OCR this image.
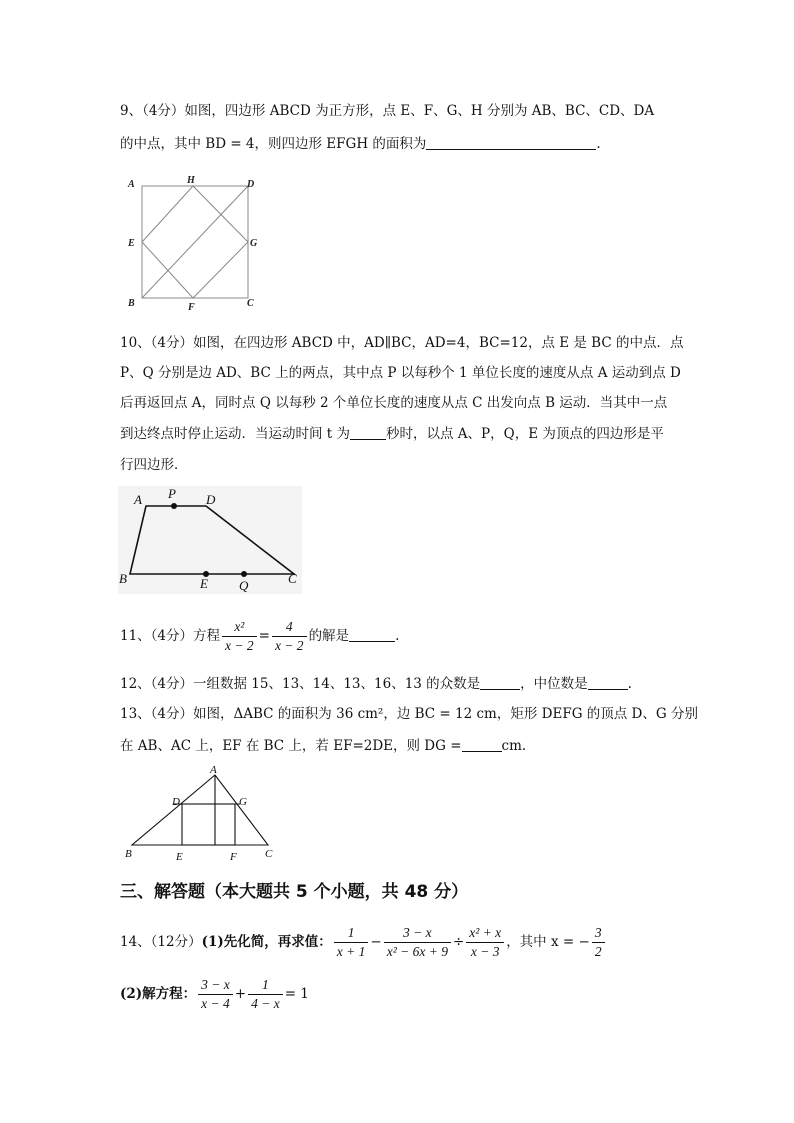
9、（4分）如图，四边形 ABCD 为正方形，点 E、F、G、H 分别为 AB、BC、CD、DA
的中点，其中 BD = 4，则四边形 EFGH 的面积为	.
A	H	D
E	G
B	F	C
10、（4分）如图，在四边形 ABCD 中，AD∥BC，AD=4，BC=12，点 E 是 BC 的中点．点
P、Q 分别是边 AD、BC 上的两点，其中点 P 以每秒个 1 单位长度的速度从点 A 运动到点 D
后再返回点 A，同时点 Q 以每秒 2 个单位长度的速度从点 C 出发向点 B 运动．当其中一点
到达终点时停止运动．当运动时间 t 为	秒时，以点 A、P，Q，E 为顶点的四边形是平
行四边形．
A P D
B	E Q	C
11、（4分）方程 $\frac{\text{x²}}{x - 2} = \frac{4}{x - 2}$ 的解是	.
12、（4分）一组数据 15、13、14、13、16、13 的众数是	，中位数是	.
13、（4分）如图，ΔABC 的面积为 36 cm²，边 BC = 12 cm，矩形 DEFG 的顶点 D、G 分别
在 AB、AC 上，EF 在 BC 上，若 EF=2DE，则 DG =	cm.
A
D	G
B	E	F	C
三、解答题（本大题共 5 个小题，共 48 分）
14、（12分）(1)先化简，再求值： $\frac{1}{x + 1} - \frac{3 - x}{\text{x² − 6x + 9}} \div \frac{\text{x² + x}}{x - 3}$ ，其中 x = − $\frac{3}{2}$
(2)解方程： $\frac{3 - x}{x - 4} + \frac{1}{4 - x} = 1$
